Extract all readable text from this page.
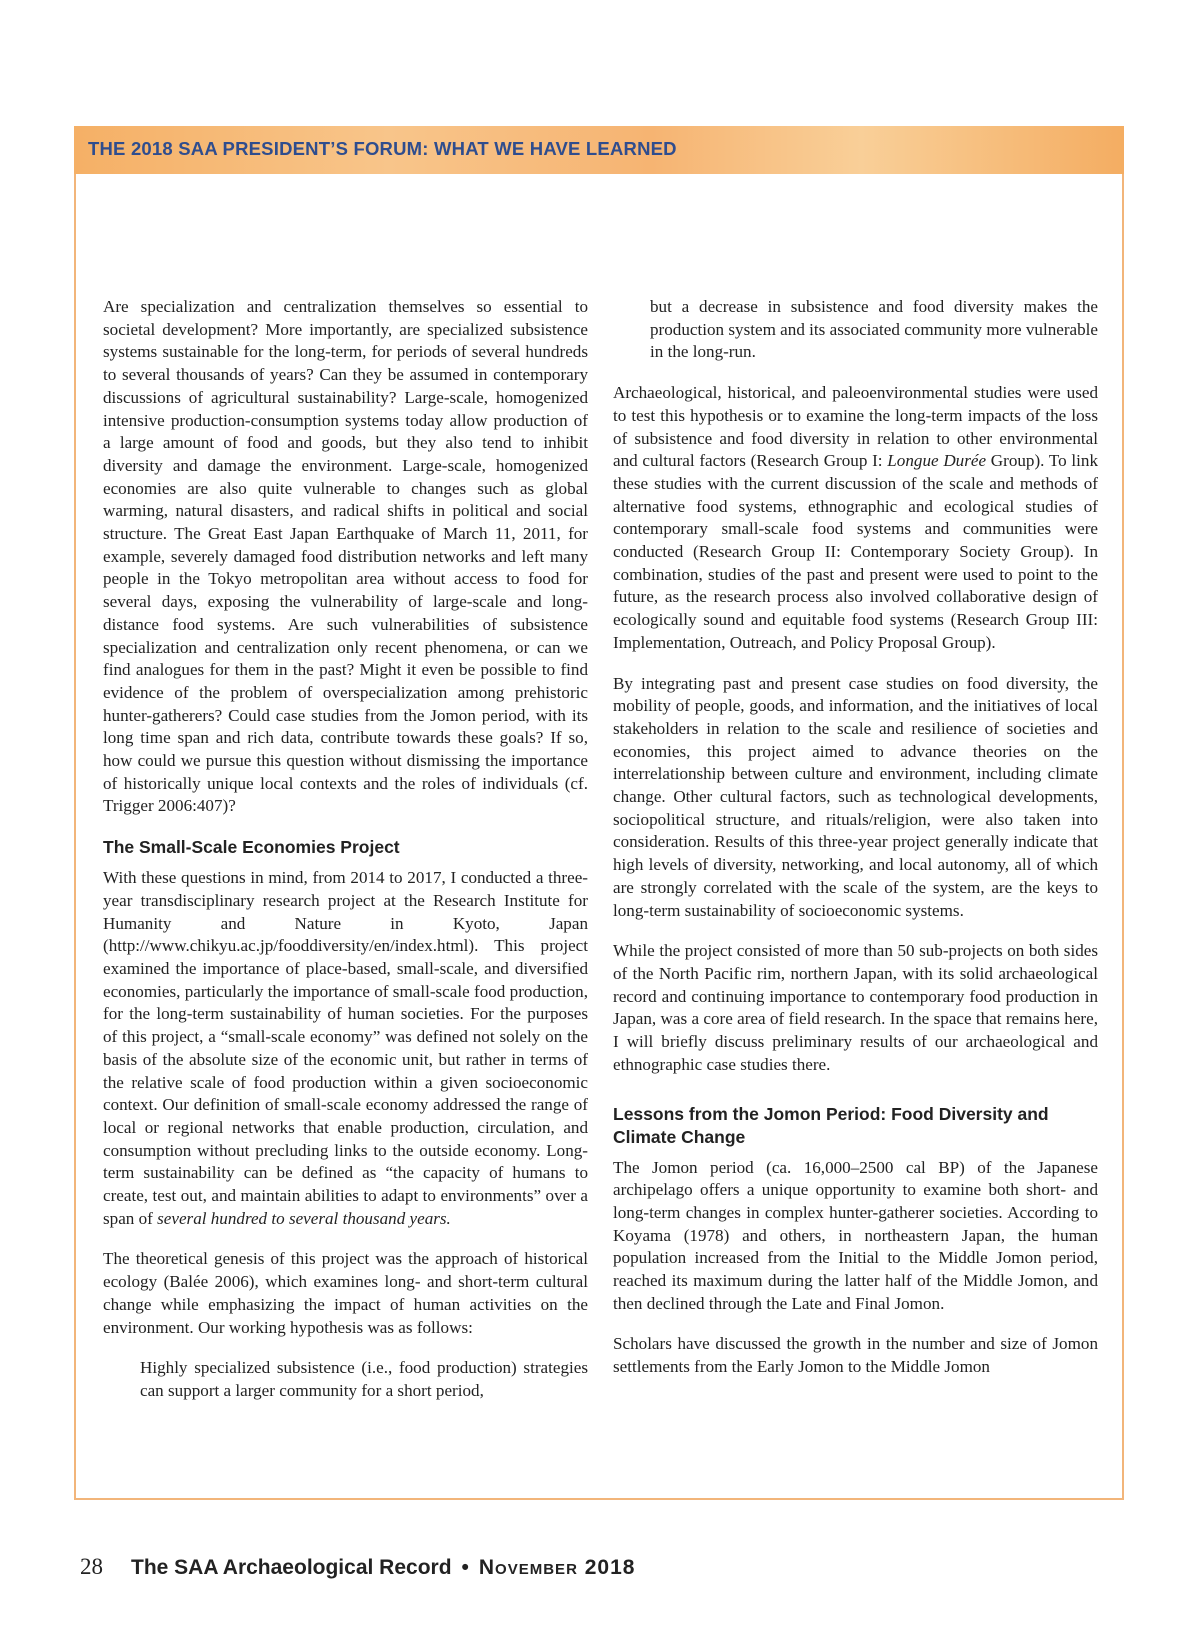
THE 2018 SAA PRESIDENT’S FORUM: WHAT WE HAVE LEARNED

Are specialization and centralization themselves so essential to societal development? More importantly, are specialized subsistence systems sustainable for the long-term, for periods of several hundreds to several thousands of years? Can they be assumed in contemporary discussions of agricultural sustainability? Large-scale, homogenized intensive production-consumption systems today allow production of a large amount of food and goods, but they also tend to inhibit diversity and damage the environment. Large-scale, homogenized economies are also quite vulnerable to changes such as global warming, natural disasters, and radical shifts in political and social structure. The Great East Japan Earthquake of March 11, 2011, for example, severely damaged food distribution networks and left many people in the Tokyo metropolitan area without access to food for several days, exposing the vulnerability of large-scale and long-distance food systems. Are such vulnerabilities of subsistence specialization and centralization only recent phenomena, or can we find analogues for them in the past? Might it even be possible to find evidence of the problem of overspecialization among prehistoric hunter-gatherers? Could case studies from the Jomon period, with its long time span and rich data, contribute towards these goals? If so, how could we pursue this question without dismissing the importance of historically unique local contexts and the roles of individuals (cf. Trigger 2006:407)?

The Small-Scale Economies Project

With these questions in mind, from 2014 to 2017, I conducted a three-year transdisciplinary research project at the Research Institute for Humanity and Nature in Kyoto, Japan (http://www.chikyu.ac.jp/fooddiversity/en/index.html). This project examined the importance of place-based, small-scale, and diversified economies, particularly the importance of small-scale food production, for the long-term sustainability of human societies. For the purposes of this project, a “small-scale economy” was defined not solely on the basis of the absolute size of the economic unit, but rather in terms of the relative scale of food production within a given socioeconomic context. Our definition of small-scale economy addressed the range of local or regional networks that enable production, circulation, and consumption without precluding links to the outside economy. Long-term sustainability can be defined as “the capacity of humans to create, test out, and maintain abilities to adapt to environments” over a span of several hundred to several thousand years.

The theoretical genesis of this project was the approach of historical ecology (Balée 2006), which examines long- and short-term cultural change while emphasizing the impact of human activities on the environment. Our working hypothesis was as follows:

Highly specialized subsistence (i.e., food production) strategies can support a larger community for a short period,

but a decrease in subsistence and food diversity makes the production system and its associated community more vulnerable in the long-run.

Archaeological, historical, and paleoenvironmental studies were used to test this hypothesis or to examine the long-term impacts of the loss of subsistence and food diversity in relation to other environmental and cultural factors (Research Group I: Longue Durée Group). To link these studies with the current discussion of the scale and methods of alternative food systems, ethnographic and ecological studies of contemporary small-scale food systems and communities were conducted (Research Group II: Contemporary Society Group). In combination, studies of the past and present were used to point to the future, as the research process also involved collaborative design of ecologically sound and equitable food systems (Research Group III: Implementation, Outreach, and Policy Proposal Group).

By integrating past and present case studies on food diversity, the mobility of people, goods, and information, and the initiatives of local stakeholders in relation to the scale and resilience of societies and economies, this project aimed to advance theories on the interrelationship between culture and environment, including climate change. Other cultural factors, such as technological developments, sociopolitical structure, and rituals/religion, were also taken into consideration. Results of this three-year project generally indicate that high levels of diversity, networking, and local autonomy, all of which are strongly correlated with the scale of the system, are the keys to long-term sustainability of socioeconomic systems.

While the project consisted of more than 50 sub-projects on both sides of the North Pacific rim, northern Japan, with its solid archaeological record and continuing importance to contemporary food production in Japan, was a core area of field research. In the space that remains here, I will briefly discuss preliminary results of our archaeological and ethnographic case studies there.

Lessons from the Jomon Period: Food Diversity and Climate Change

The Jomon period (ca. 16,000–2500 cal BP) of the Japanese archipelago offers a unique opportunity to examine both short- and long-term changes in complex hunter-gatherer societies. According to Koyama (1978) and others, in northeastern Japan, the human population increased from the Initial to the Middle Jomon period, reached its maximum during the latter half of the Middle Jomon, and then declined through the Late and Final Jomon.

Scholars have discussed the growth in the number and size of Jomon settlements from the Early Jomon to the Middle Jomon

28 The SAA Archaeological Record • November 2018
